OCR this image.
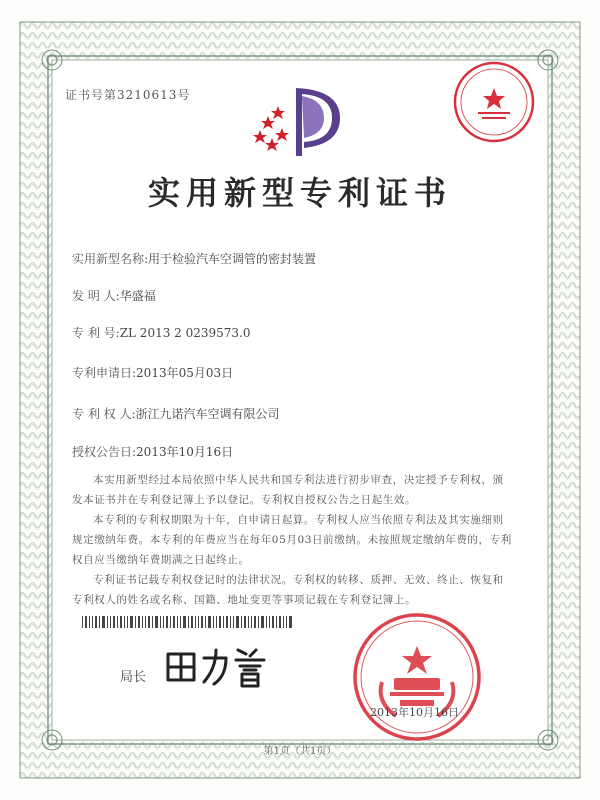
证书号第3210613号
实用新型专利证书
实用新型名称:用于检验汽车空调管的密封装置
发 明 人:华盛福
专 利 号:ZL 2013 2 0239573.0
专利申请日:2013年05月03日
专 利 权 人:浙江九诺汽车空调有限公司
授权公告日:2013年10月16日

本实用新型经过本局依照中华人民共和国专利法进行初步审查，决定授予专利权，颁发本证书并在专利登记簿上予以登记。专利权自授权公告之日起生效。

本专利的专利权期限为十年，自申请日起算。专利权人应当依照专利法及其实施细则规定缴纳年费。本专利的年费应当在每年05月03日前缴纳。未按照规定缴纳年费的，专利权自应当缴纳年费期满之日起终止。

专利证书记载专利权登记时的法律状况。专利权的转移、质押、无效、终止、恢复和专利权人的姓名或名称、国籍、地址变更等事项记载在专利登记簿上。

局长
2013年10月16日
第1页（共1页）
